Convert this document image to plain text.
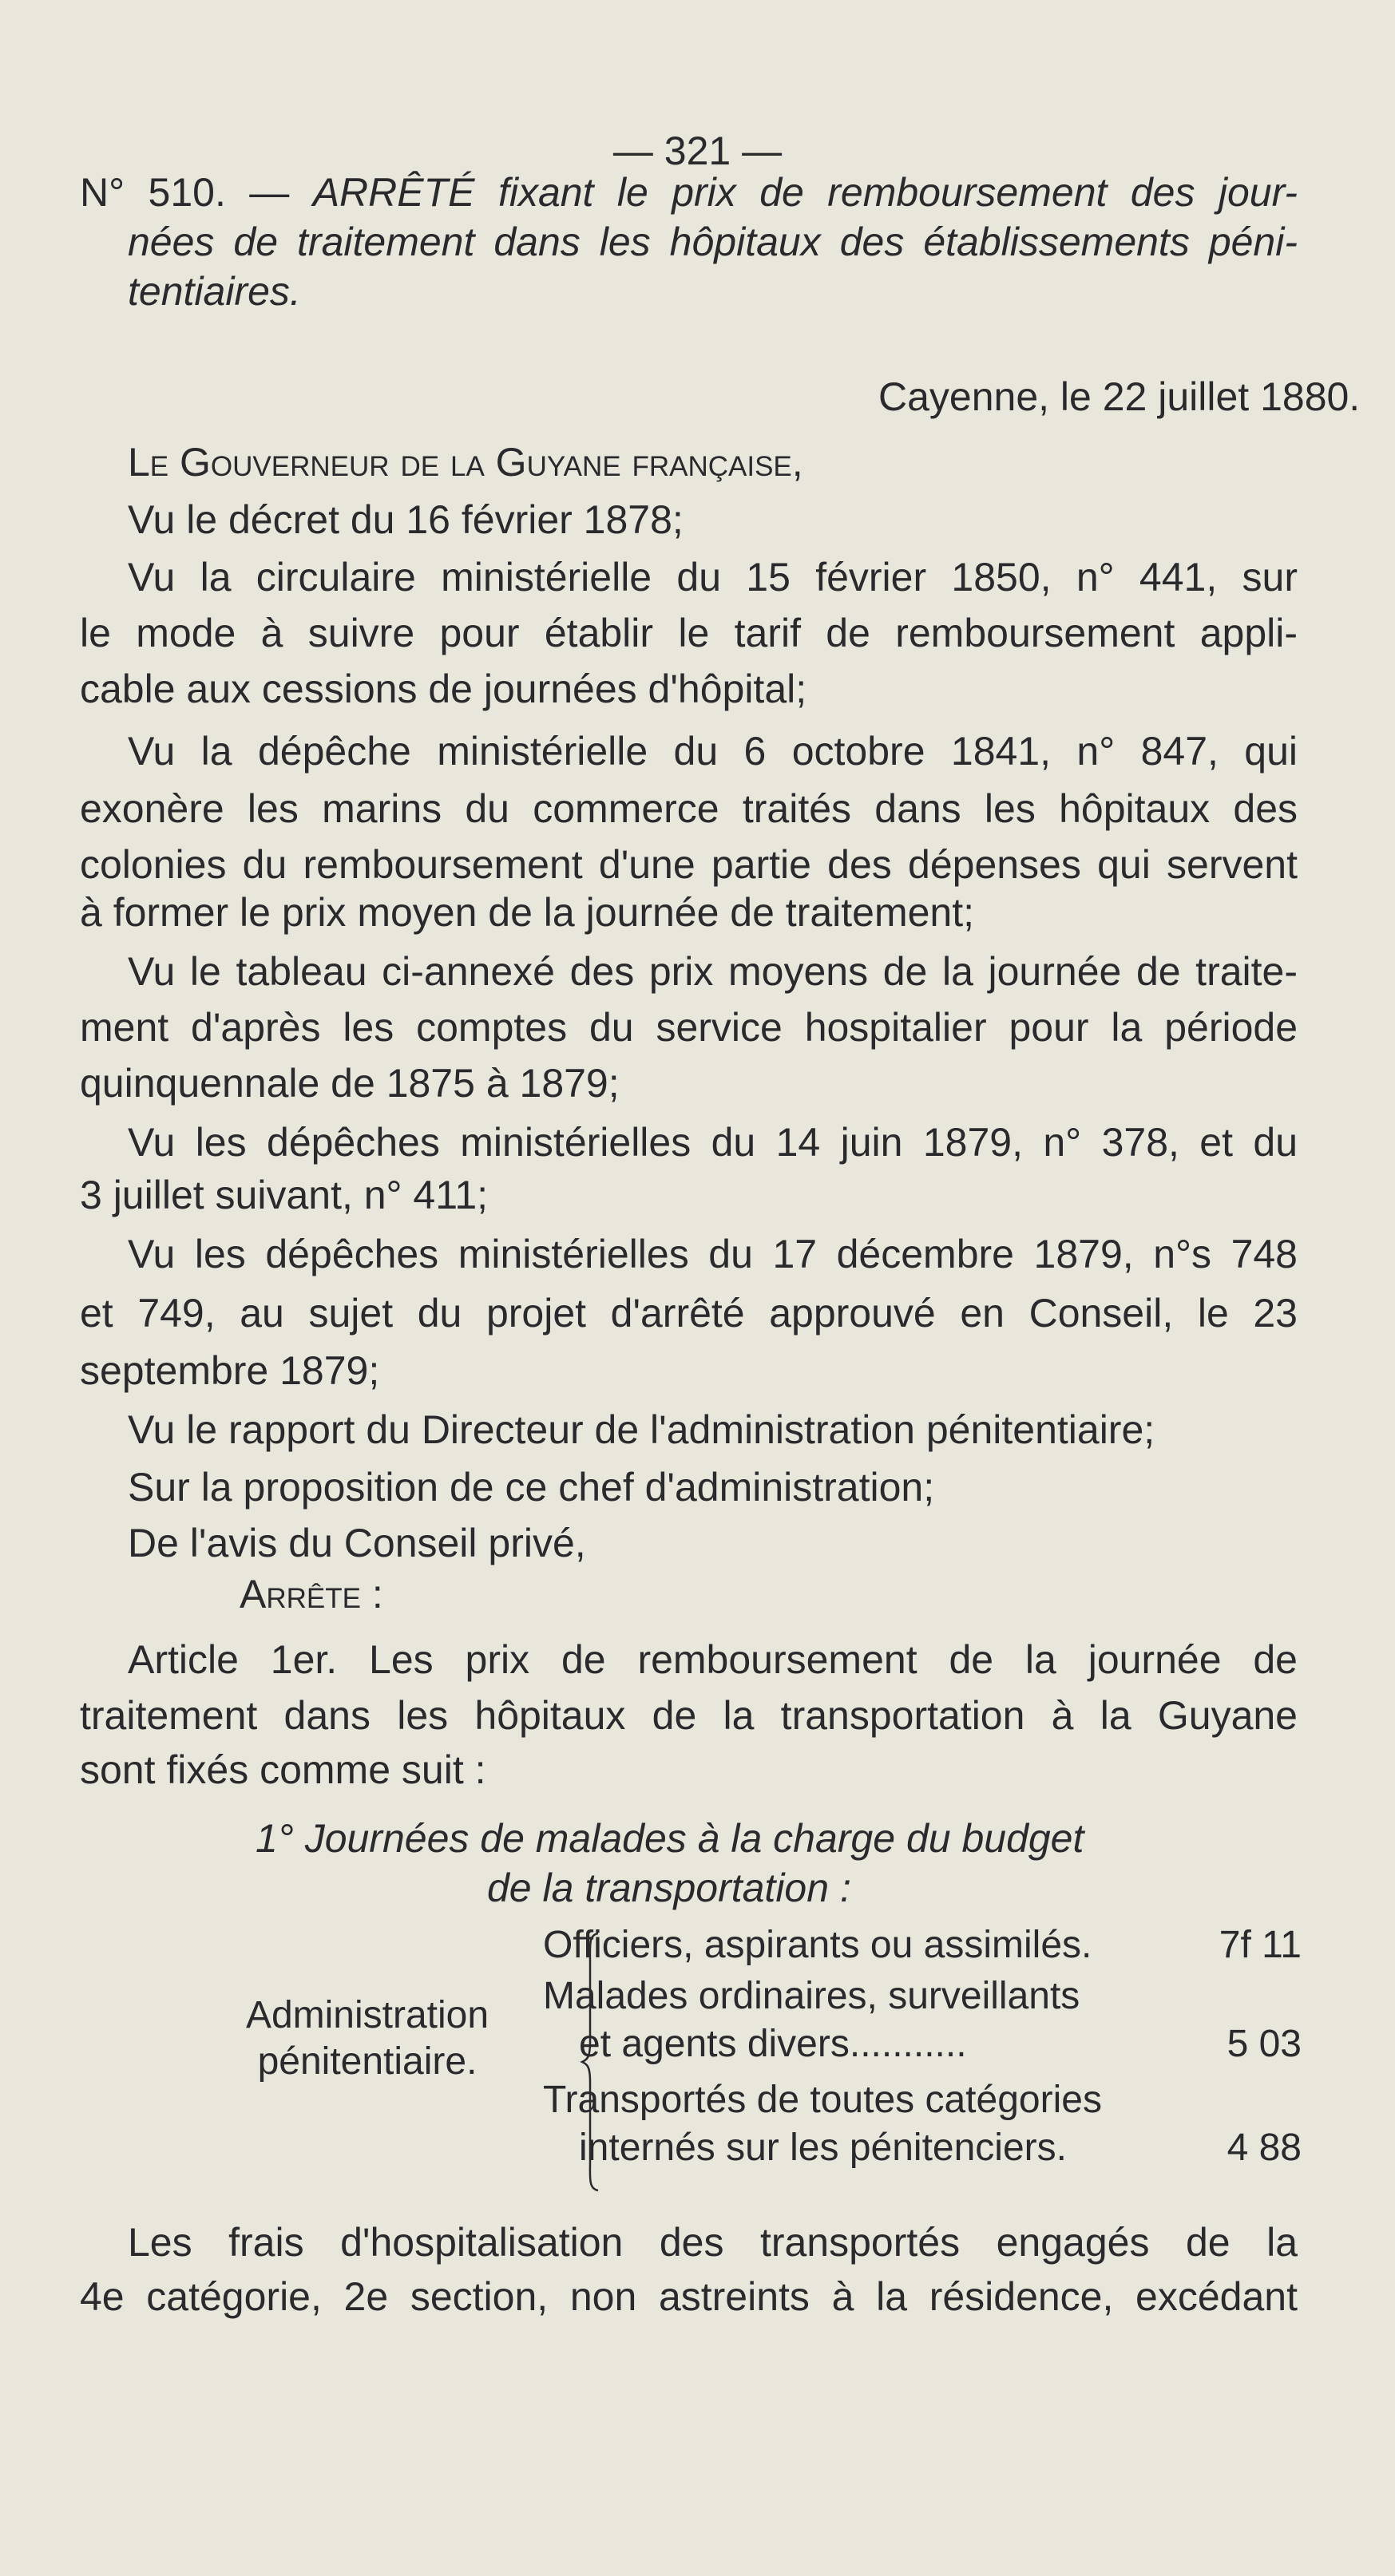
— 321 —
N° 510. — ARRÊTÉ fixant le prix de remboursement des jour-
nées de traitement dans les hôpitaux des établissements péni-
tentiaires.
Cayenne, le 22 juillet 1880.
Le Gouverneur de la Guyane française,
Vu le décret du 16 février 1878;
Vu la circulaire ministérielle du 15 février 1850, n° 441, sur
le mode à suivre pour établir le tarif de remboursement appli-
cable aux cessions de journées d'hôpital;
Vu la dépêche ministérielle du 6 octobre 1841, n° 847, qui
exonère les marins du commerce traités dans les hôpitaux des
colonies du remboursement d'une partie des dépenses qui servent
à former le prix moyen de la journée de traitement;
Vu le tableau ci-annexé des prix moyens de la journée de traite-
ment d'après les comptes du service hospitalier pour la période
quinquennale de 1875 à 1879;
Vu les dépêches ministérielles du 14 juin 1879, n° 378, et du
3 juillet suivant, n° 411;
Vu les dépêches ministérielles du 17 décembre 1879, n°s 748
et 749, au sujet du projet d'arrêté approuvé en Conseil, le 23
septembre 1879;
Vu le rapport du Directeur de l'administration pénitentiaire;
Sur la proposition de ce chef d'administration;
De l'avis du Conseil privé,
Arrête :
Article 1er. Les prix de remboursement de la journée de
traitement dans les hôpitaux de la transportation à la Guyane
sont fixés comme suit :
1° Journées de malades à la charge du budget
de la transportation :
Administration
pénitentiaire.
Officiers, aspirants ou assimilés.	7f 11
Malades ordinaires, surveillants
et agents divers...........	5 03
Transportés de toutes catégories
internés sur les pénitenciers.	4 88
Les frais d'hospitalisation des transportés engagés de la
4e catégorie, 2e section, non astreints à la résidence, excédant
